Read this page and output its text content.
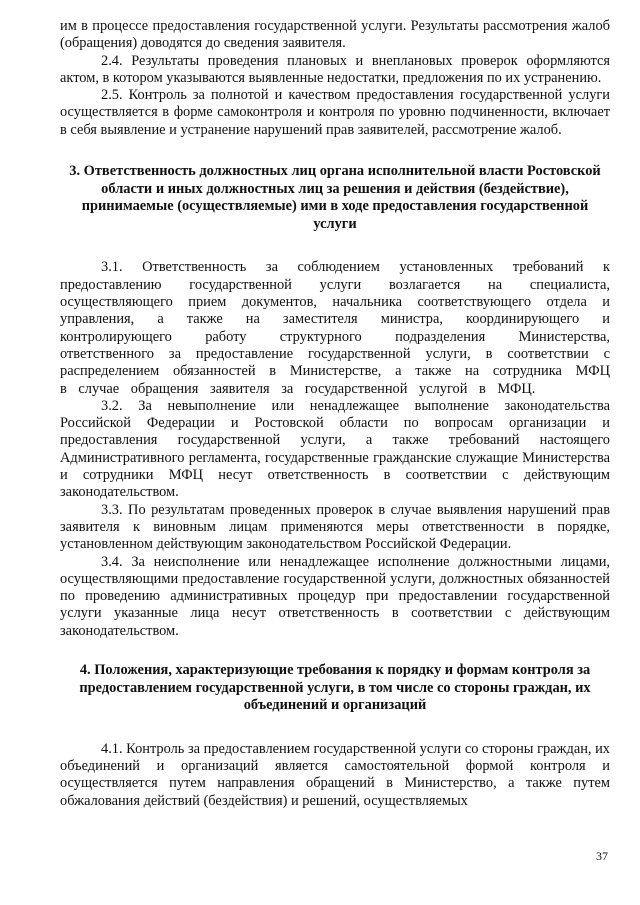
им в процессе предоставления государственной услуги. Результаты рассмотрения жалоб (обращения) доводятся до сведения заявителя.

2.4. Результаты проведения плановых и внеплановых проверок оформляются актом, в котором указываются выявленные недостатки, предложения по их устранению.

2.5. Контроль за полнотой и качеством предоставления государственной услуги осуществляется в форме самоконтроля и контроля по уровню подчиненности, включает в себя выявление и устранение нарушений прав заявителей, рассмотрение жалоб.

3. Ответственность должностных лиц органа исполнительной власти Ростовской области и иных должностных лиц за решения и действия (бездействие), принимаемые (осуществляемые) ими в ходе предоставления государственной услуги

3.1. Ответственность за соблюдением установленных требований к предоставлению государственной услуги возлагается на специалиста, осуществляющего прием документов, начальника соответствующего отдела и управления, а также на заместителя министра, координирующего и контролирующего работу структурного подразделения Министерства, ответственного за предоставление государственной услуги, в соответствии с распределением обязанностей в Министерстве, а также на сотрудника МФЦ в случае обращения заявителя за государственной услугой в МФЦ.

3.2. За невыполнение или ненадлежащее выполнение законодательства Российской Федерации и Ростовской области по вопросам организации и предоставления государственной услуги, а также требований настоящего Административного регламента, государственные гражданские служащие Министерства и сотрудники МФЦ несут ответственность в соответствии с действующим законодательством.

3.3. По результатам проведенных проверок в случае выявления нарушений прав заявителя к виновным лицам применяются меры ответственности в порядке, установленном действующим законодательством Российской Федерации.

3.4. За неисполнение или ненадлежащее исполнение должностными лицами, осуществляющими предоставление государственной услуги, должностных обязанностей по проведению административных процедур при предоставлении государственной услуги указанные лица несут ответственность в соответствии с действующим законодательством.

4. Положения, характеризующие требования к порядку и формам контроля за предоставлением государственной услуги, в том числе со стороны граждан, их объединений и организаций

4.1. Контроль за предоставлением государственной услуги со стороны граждан, их объединений и организаций является самостоятельной формой контроля и осуществляется путем направления обращений в Министерство, а также путем обжалования действий (бездействия) и решений, осуществляемых

37
